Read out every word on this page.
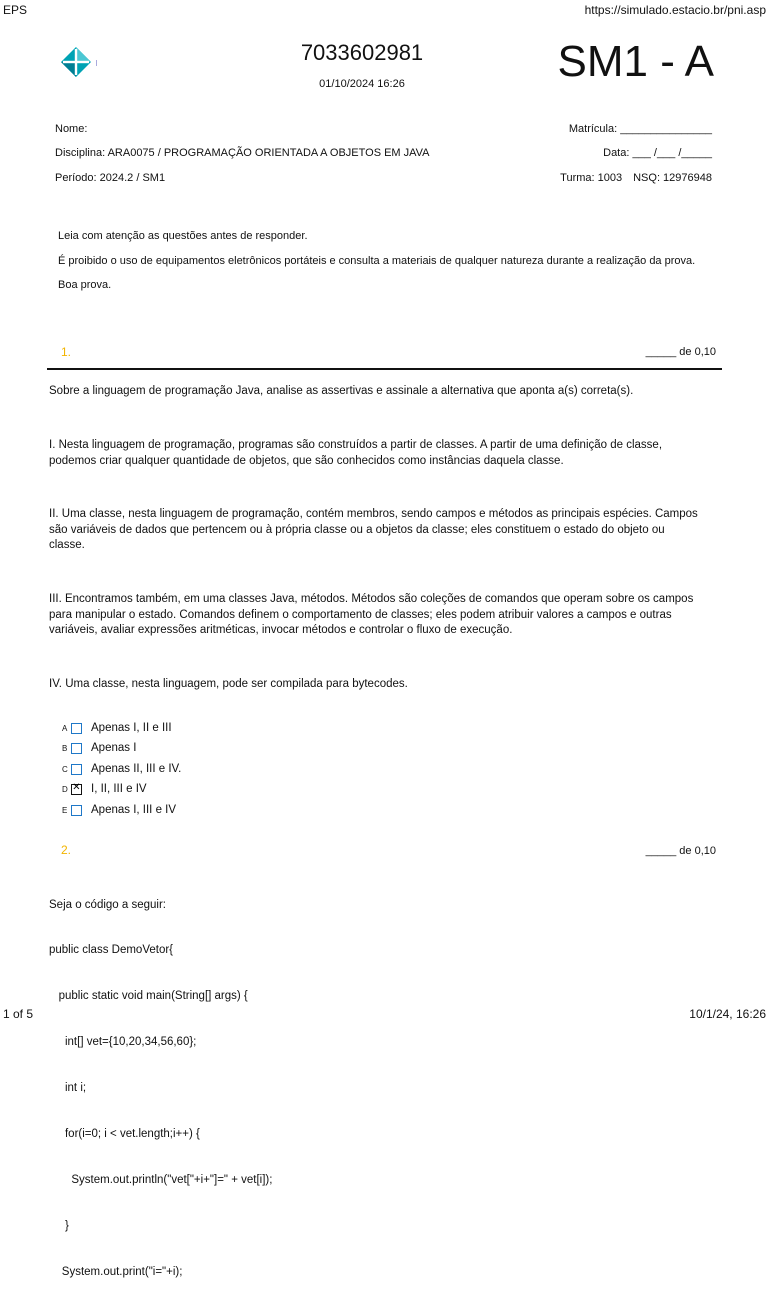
EPS	https://simulado.estacio.br/pni.asp
7033602981
01/10/2024 16:26	SM1 - A
Nome:	Matrícula: _______________
Disciplina: ARA0075 / PROGRAMAÇÃO ORIENTADA A OBJETOS EM JAVA	Data: ___ /___ /_____
Período: 2024.2 / SM1	Turma: 1003 NSQ: 12976948
Leia com atenção as questões antes de responder.
É proibido o uso de equipamentos eletrônicos portáteis e consulta a materiais de qualquer natureza durante a realização da prova.
Boa prova.
1.	_____ de 0,10
Sobre a linguagem de programação Java, analise as assertivas e assinale a alternativa que aponta a(s) correta(s).
I. Nesta linguagem de programação, programas são construídos a partir de classes. A partir de uma definição de classe,
podemos criar qualquer quantidade de objetos, que são conhecidos como instâncias daquela classe.
II. Uma classe, nesta linguagem de programação, contém membros, sendo campos e métodos as principais espécies. Campos
são variáveis de dados que pertencem ou à própria classe ou a objetos da classe; eles constituem o estado do objeto ou
classe.
III. Encontramos também, em uma classes Java, métodos. Métodos são coleções de comandos que operam sobre os campos
para manipular o estado. Comandos definem o comportamento de classes; eles podem atribuir valores a campos e outras
variáveis, avaliar expressões aritméticas, invocar métodos e controlar o fluxo de execução.
IV. Uma classe, nesta linguagem, pode ser compilada para bytecodes.
A	Apenas I, II e III
B	Apenas I
C Apenas II, III e IV.
D
✕ I, II, III e IV
E	Apenas I, III e IV
2.	_____ de 0,10

Seja o código a seguir:

public class DemoVetor{

public static void main(String[] args) {

int[] vet={10,20,34,56,60};

int i;

for(i=0; i < vet.length;i++) {

System.out.println("vet["+i+"]=" + vet[i]);

}

System.out.print("i="+i);

1 of 5	10/1/24, 16:26
